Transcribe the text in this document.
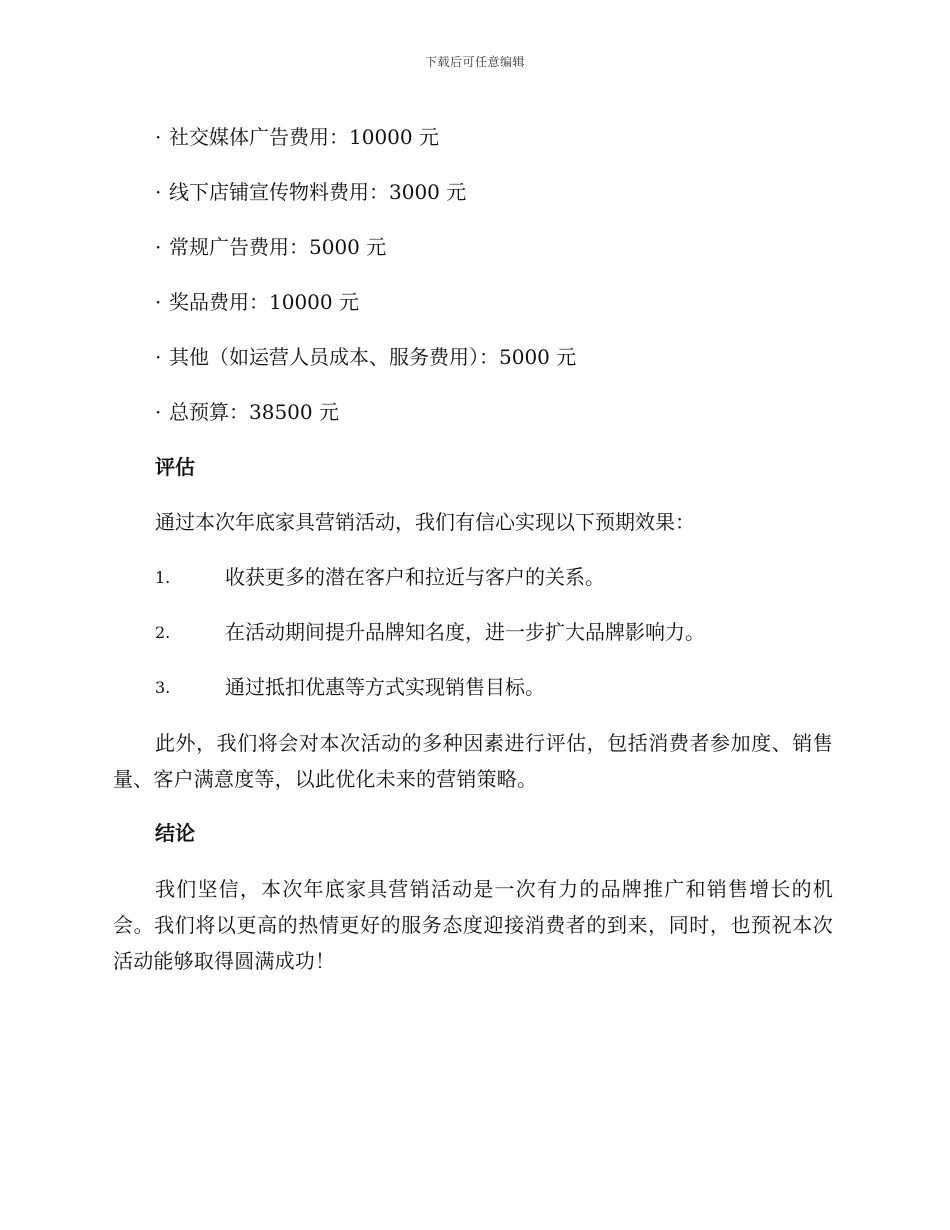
下载后可任意编辑
· 社交媒体广告费用：10000 元
· 线下店铺宣传物料费用：3000 元
· 常规广告费用：5000 元
· 奖品费用：10000 元
· 其他（如运营人员成本、服务费用）：5000 元
· 总预算：38500 元
评估
通过本次年底家具营销活动，我们有信心实现以下预期效果：
1.	收获更多的潜在客户和拉近与客户的关系。
2.	在活动期间提升品牌知名度，进一步扩大品牌影响力。
3.	通过抵扣优惠等方式实现销售目标。

此外，我们将会对本次活动的多种因素进行评估，包括消费者参加度、销售量、客户满意度等，以此优化未来的营销策略。

结论

我们坚信，本次年底家具营销活动是一次有力的品牌推广和销售增长的机会。我们将以更高的热情更好的服务态度迎接消费者的到来，同时，也预祝本次活动能够取得圆满成功！
